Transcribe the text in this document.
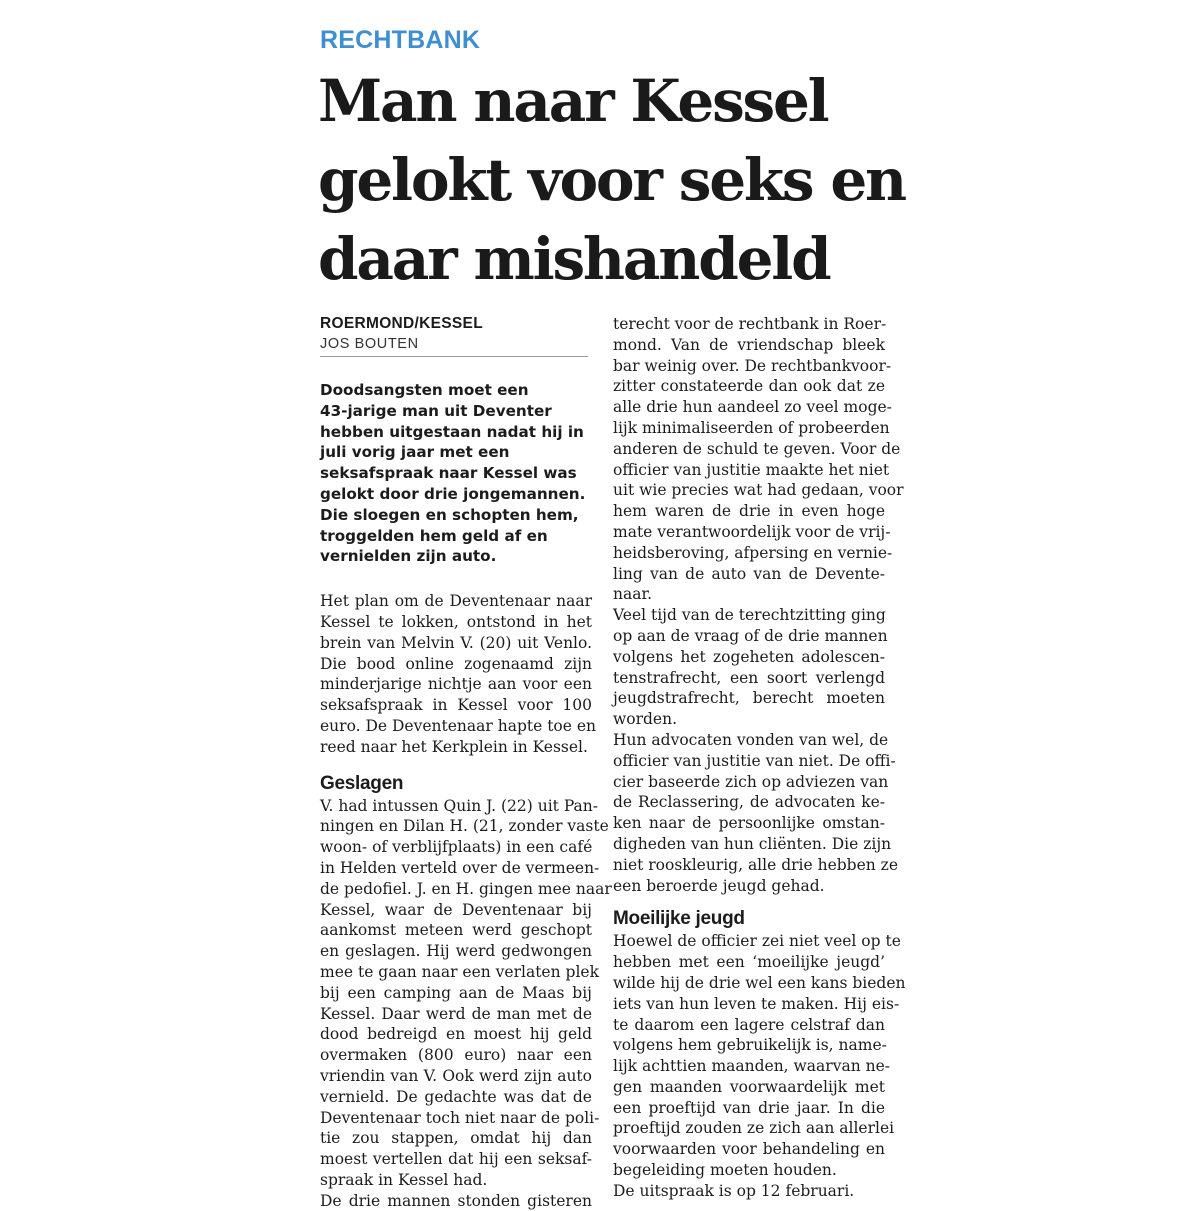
RECHTBANK
Man naar Kessel
gelokt voor seks en
daar mishandeld
ROERMOND/KESSEL
JOS BOUTEN
Doodsangsten moet een
43-jarige man uit Deventer
hebben uitgestaan nadat hij in
juli vorig jaar met een
seksafspraak naar Kessel was
gelokt door drie jongemannen.
Die sloegen en schopten hem,
troggelden hem geld af en
vernielden zijn auto.
Het plan om de Deventenaar naar
Kessel te lokken, ontstond in het
brein van Melvin V. (20) uit Venlo.
Die bood online zogenaamd zijn
minderjarige nichtje aan voor een
seksafspraak in Kessel voor 100
euro. De Deventenaar hapte toe en
reed naar het Kerkplein in Kessel.
Geslagen
V. had intussen Quin J. (22) uit Pan-
ningen en Dilan H. (21, zonder vaste
woon- of verblijfplaats) in een café
in Helden verteld over de vermeen-
de pedofiel. J. en H. gingen mee naar
Kessel, waar de Deventenaar bij
aankomst meteen werd geschopt
en geslagen. Hij werd gedwongen
mee te gaan naar een verlaten plek
bij een camping aan de Maas bij
Kessel. Daar werd de man met de
dood bedreigd en moest hij geld
overmaken (800 euro) naar een
vriendin van V. Ook werd zijn auto
vernield. De gedachte was dat de
Deventenaar toch niet naar de poli-
tie zou stappen, omdat hij dan
moest vertellen dat hij een seksaf-
spraak in Kessel had.
De drie mannen stonden gisteren
terecht voor de rechtbank in Roer-
mond. Van de vriendschap bleek
bar weinig over. De rechtbankvoor-
zitter constateerde dan ook dat ze
alle drie hun aandeel zo veel moge-
lijk minimaliseerden of probeerden
anderen de schuld te geven. Voor de
officier van justitie maakte het niet
uit wie precies wat had gedaan, voor
hem waren de drie in even hoge
mate verantwoordelijk voor de vrij-
heidsberoving, afpersing en vernie-
ling van de auto van de Devente-
naar.
Veel tijd van de terechtzitting ging
op aan de vraag of de drie mannen
volgens het zogeheten adolescen-
tenstrafrecht, een soort verlengd
jeugdstrafrecht, berecht moeten
worden.
Hun advocaten vonden van wel, de
officier van justitie van niet. De offi-
cier baseerde zich op adviezen van
de Reclassering, de advocaten ke-
ken naar de persoonlijke omstan-
digheden van hun cliënten. Die zijn
niet rooskleurig, alle drie hebben ze
een beroerde jeugd gehad.
Moeilijke jeugd
Hoewel de officier zei niet veel op te
hebben met een ‘moeilijke jeugd’
wilde hij de drie wel een kans bieden
iets van hun leven te maken. Hij eis-
te daarom een lagere celstraf dan
volgens hem gebruikelijk is, name-
lijk achttien maanden, waarvan ne-
gen maanden voorwaardelijk met
een proeftijd van drie jaar. In die
proeftijd zouden ze zich aan allerlei
voorwaarden voor behandeling en
begeleiding moeten houden.
De uitspraak is op 12 februari.
